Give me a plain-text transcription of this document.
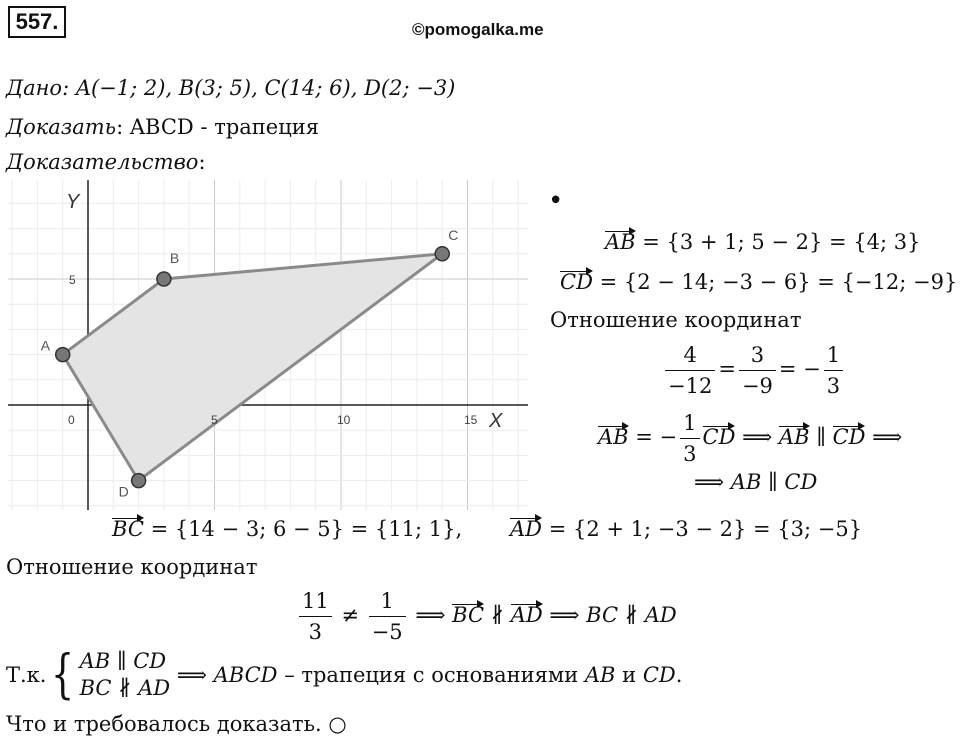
557.	©pomogalka.me
Дано: A(−1; 2), B(3; 5), C(14; 6), D(2; −3)
Доказать: ABCD - трапеция
Доказательство:
A
B
C
D
Y
X
0	5	10	15
5
•
AB = {3 + 1; 5 − 2} = {4; 3}
CD = {2 − 14; −3 − 6} = {−12; −9}
Отношение координат
$\frac{4}{-12} = \frac{3}{-9}$ = − $\frac{1}{3}$
AB = − $\frac{1}{3}$ CD ⟹ AB ∥ CD ⟹
⟹ AB ∥ CD
BC = {14 − 3; 6 − 5} = {11; 1}, AD = {2 + 1; −3 − 2} = {3; −5}
Отношение координат
$\frac{11}{3} \ne \frac{1}{-5}$ ⟹ BC ∦ AD ⟹ BC ∦ AD
Т.к.{ AB ∥ CD
BC ∦ AD
⟹ ABCD – трапеция с основаниями AB и CD.
Что и требовалось доказать. ○
